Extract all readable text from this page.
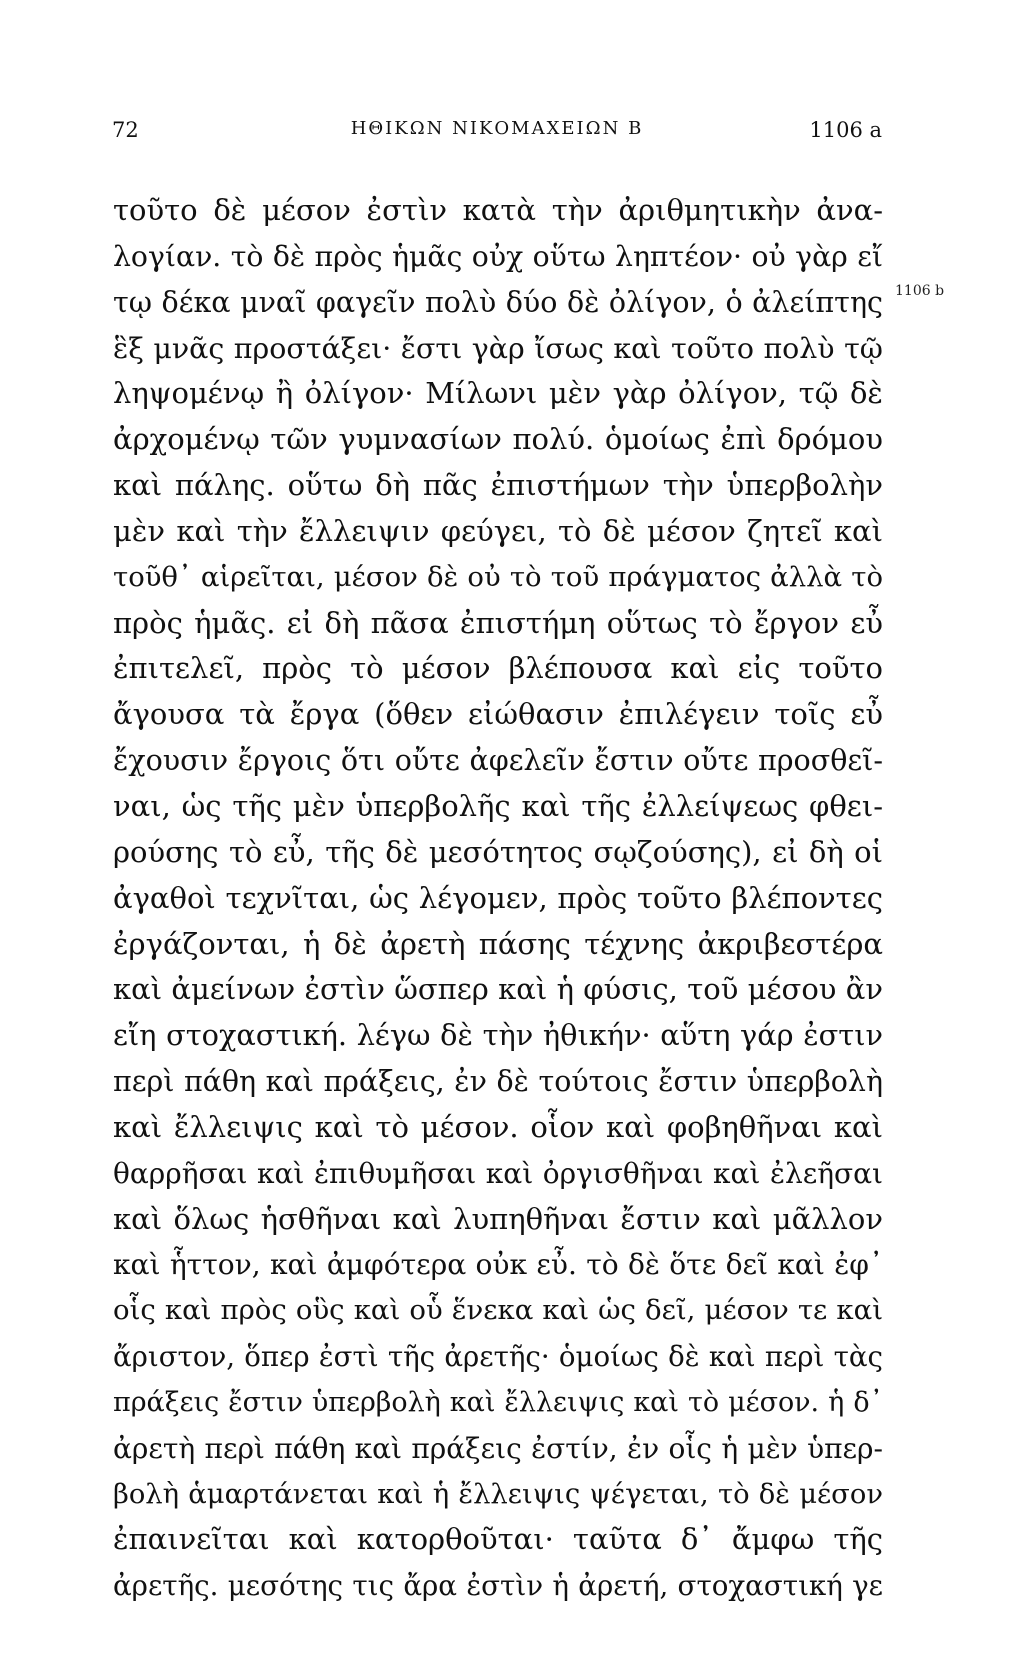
72	ΗΘΙΚΩΝ ΝΙΚΟΜΑΧΕΙΩΝ Β	1106 a
1106 b
τοῦτο δὲ μέσον ἐστὶν κατὰ τὴν ἀριθμητικὴν ἀνα-
λογίαν. τὸ δὲ πρὸς ἡμᾶς οὐχ οὕτω ληπτέον· οὐ γὰρ εἴ
τῳ δέκα μναῖ φαγεῖν πολὺ δύο δὲ ὀλίγον, ὁ ἀλείπτης
ἓξ μνᾶς προστάξει· ἔστι γὰρ ἴσως καὶ τοῦτο πολὺ τῷ
ληψομένῳ ἢ ὀλίγον· Μίλωνι μὲν γὰρ ὀλίγον, τῷ δὲ
ἀρχομένῳ τῶν γυμνασίων πολύ. ὁμοίως ἐπὶ δρόμου
καὶ πάλης. οὕτω δὴ πᾶς ἐπιστήμων τὴν ὑπερβολὴν
μὲν καὶ τὴν ἔλλειψιν φεύγει, τὸ δὲ μέσον ζητεῖ καὶ
τοῦθ᾽ αἱρεῖται, μέσον δὲ οὐ τὸ τοῦ πράγματος ἀλλὰ τὸ
πρὸς ἡμᾶς. εἰ δὴ πᾶσα ἐπιστήμη οὕτως τὸ ἔργον εὖ
ἐπιτελεῖ, πρὸς τὸ μέσον βλέπουσα καὶ εἰς τοῦτο
ἄγουσα τὰ ἔργα (ὅθεν εἰώθασιν ἐπιλέγειν τοῖς εὖ
ἔχουσιν ἔργοις ὅτι οὔτε ἀφελεῖν ἔστιν οὔτε προσθεῖ-
ναι, ὡς τῆς μὲν ὑπερβολῆς καὶ τῆς ἐλλείψεως φθει-
ρούσης τὸ εὖ, τῆς δὲ μεσότητος σῳζούσης), εἰ δὴ οἱ
ἀγαθοὶ τεχνῖται, ὡς λέγομεν, πρὸς τοῦτο βλέποντες
ἐργάζονται, ἡ δὲ ἀρετὴ πάσης τέχνης ἀκριβεστέρα
καὶ ἀμείνων ἐστὶν ὥσπερ καὶ ἡ φύσις, τοῦ μέσου ἂν
εἴη στοχαστική. λέγω δὲ τὴν ἠθικήν· αὕτη γάρ ἐστιν
περὶ πάθη καὶ πράξεις, ἐν δὲ τούτοις ἔστιν ὑπερβολὴ
καὶ ἔλλειψις καὶ τὸ μέσον. οἷον καὶ φοβηθῆναι καὶ
θαρρῆσαι καὶ ἐπιθυμῆσαι καὶ ὀργισθῆναι καὶ ἐλεῆσαι
καὶ ὅλως ἡσθῆναι καὶ λυπηθῆναι ἔστιν καὶ μᾶλλον
καὶ ἧττον, καὶ ἀμφότερα οὐκ εὖ. τὸ δὲ ὅτε δεῖ καὶ ἐφ᾽
οἷς καὶ πρὸς οὓς καὶ οὗ ἕνεκα καὶ ὡς δεῖ, μέσον τε καὶ
ἄριστον, ὅπερ ἐστὶ τῆς ἀρετῆς· ὁμοίως δὲ καὶ περὶ τὰς
πράξεις ἔστιν ὑπερβολὴ καὶ ἔλλειψις καὶ τὸ μέσον. ἡ δ᾽
ἀρετὴ περὶ πάθη καὶ πράξεις ἐστίν, ἐν οἷς ἡ μὲν ὑπερ-
βολὴ ἁμαρτάνεται καὶ ἡ ἔλλειψις ψέγεται, τὸ δὲ μέσον
ἐπαινεῖται καὶ κατορθοῦται· ταῦτα δ᾽ ἄμφω τῆς
ἀρετῆς. μεσότης τις ἄρα ἐστὶν ἡ ἀρετή, στοχαστική γε
